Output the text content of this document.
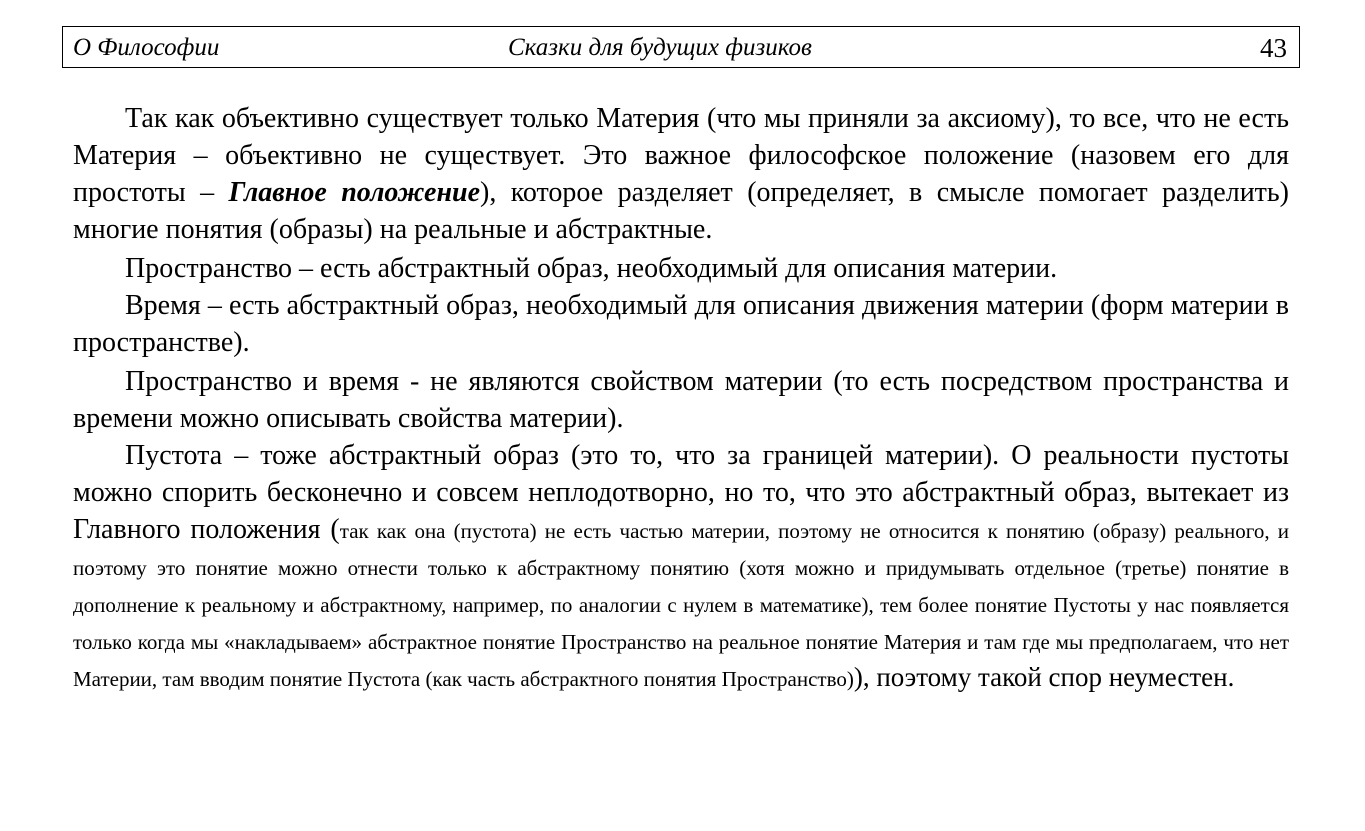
О Философии	Сказки для будущих физиков	43

Так как объективно существует только Материя (что мы приняли за аксиому), то все, что не есть Материя – объективно не существует. Это важное философское положение (назовем его для простоты – Главное положение), которое разделяет (определяет, в смысле помогает разделить) многие понятия (образы) на реальные и абстрактные.

Пространство – есть абстрактный образ, необходимый для описания материи.

Время – есть абстрактный образ, необходимый для описания движения материи (форм материи в пространстве).

Пространство и время - не являются свойством материи (то есть посредством пространства и времени можно описывать свойства материи).

Пустота – тоже абстрактный образ (это то, что за границей материи). О реальности пустоты можно спорить бесконечно и совсем неплодотворно, но то, что это абстрактный образ, вытекает из Главного положения (так как она (пустота) не есть частью материи, поэтому не относится к понятию (образу) реального, и поэтому это понятие можно отнести только к абстрактному понятию (хотя можно и придумывать отдельное (третье) понятие в дополнение к реальному и абстрактному, например, по аналогии с нулем в математике), тем более понятие Пустоты у нас появляется только когда мы «накладываем» абстрактное понятие Пространство на реальное понятие Материя и там где мы предполагаем, что нет Материи, там вводим понятие Пустота (как часть абстрактного понятия Пространство)), поэтому такой спор неуместен.
